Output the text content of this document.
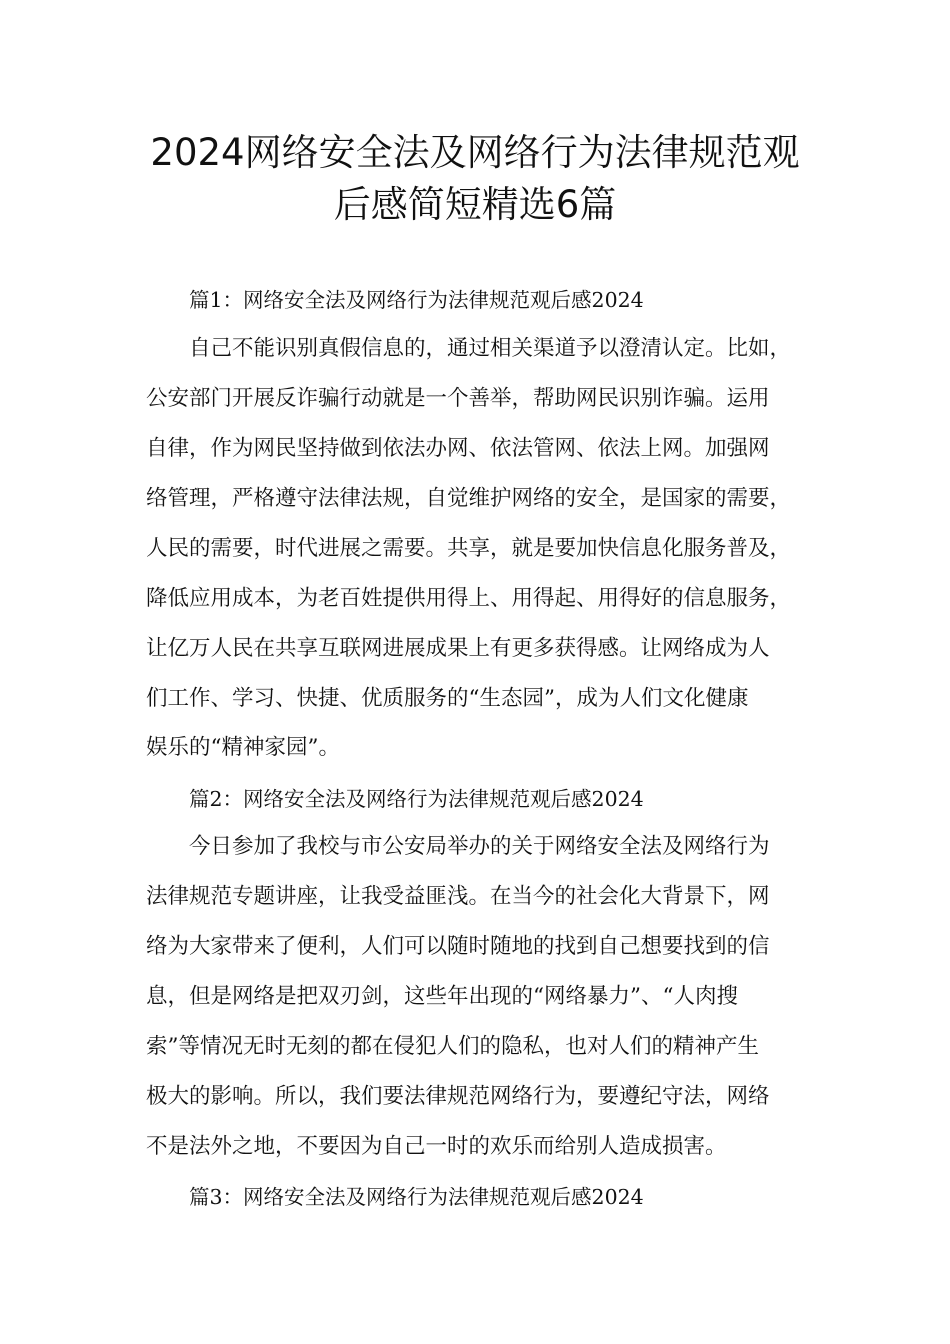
2024网络安全法及网络行为法律规范观
后感简短精选6篇
篇1：网络安全法及网络行为法律规范观后感2024
自己不能识别真假信息的，通过相关渠道予以澄清认定。比如，
公安部门开展反诈骗行动就是一个善举，帮助网民识别诈骗。运用
自律，作为网民坚持做到依法办网、依法管网、依法上网。加强网
络管理，严格遵守法律法规，自觉维护网络的安全，是国家的需要，
人民的需要，时代进展之需要。共享，就是要加快信息化服务普及，
降低应用成本，为老百姓提供用得上、用得起、用得好的信息服务，
让亿万人民在共享互联网进展成果上有更多获得感。让网络成为人
们工作、学习、快捷、优质服务的“生态园”，成为人们文化健康
娱乐的“精神家园”。
篇2：网络安全法及网络行为法律规范观后感2024
今日参加了我校与市公安局举办的关于网络安全法及网络行为
法律规范专题讲座，让我受益匪浅。在当今的社会化大背景下，网
络为大家带来了便利，人们可以随时随地的找到自己想要找到的信
息，但是网络是把双刃剑，这些年出现的“网络暴力”、“人肉搜
索”等情况无时无刻的都在侵犯人们的隐私，也对人们的精神产生
极大的影响。所以，我们要法律规范网络行为，要遵纪守法，网络
不是法外之地，不要因为自己一时的欢乐而给别人造成损害。
篇3：网络安全法及网络行为法律规范观后感2024
